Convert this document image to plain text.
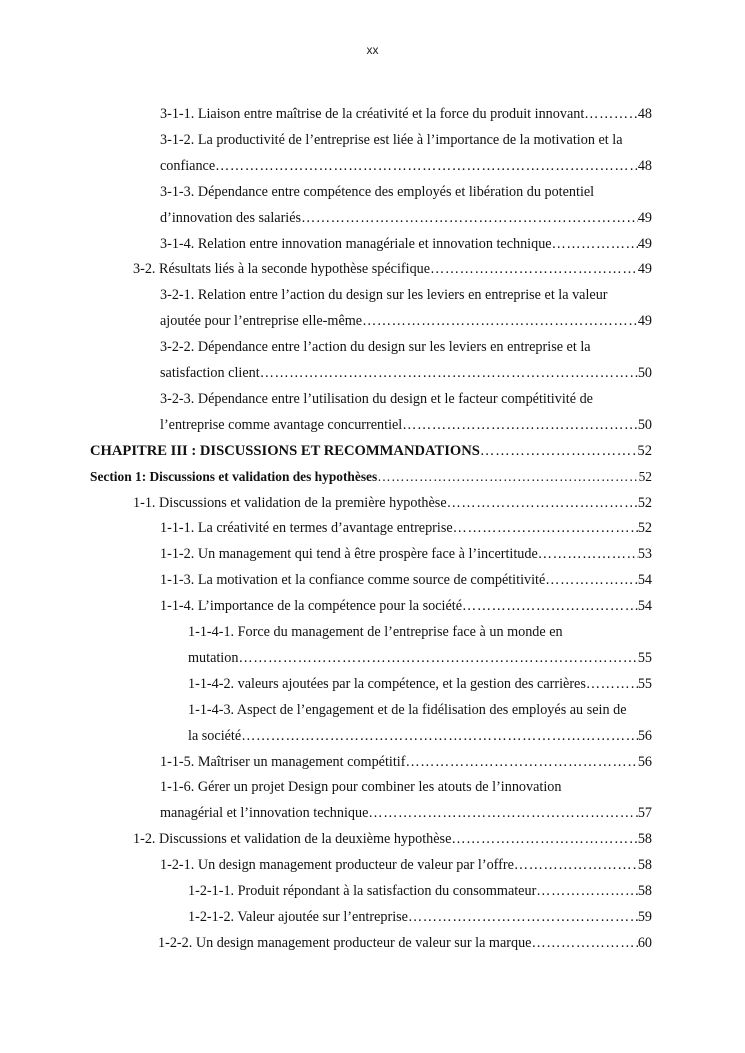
xx
3-1-1. Liaison entre maîtrise de la créativité et la force du produit innovant ……………………………………………………………………………………………………………………………………………………………………………………	48
3-1-2. La productivité de l’entreprise est liée à l’importance de la motivation et la
confiance ……………………………………………………………………………………………………………………………………………………………………………………	48
3-1-3. Dépendance entre compétence des employés et libération du potentiel
d’innovation des salariés ……………………………………………………………………………………………………………………………………………………………………………………	49
3-1-4. Relation entre innovation managériale et innovation technique ……………………………………………………………………………………………………………………………………………………………………………………	49
3-2. Résultats liés à la seconde hypothèse spécifique ……………………………………………………………………………………………………………………………………………………………………………………	49
3-2-1. Relation entre l’action du design sur les leviers en entreprise et la valeur
ajoutée pour l’entreprise elle-même ……………………………………………………………………………………………………………………………………………………………………………………	49
3-2-2. Dépendance entre l’action du design sur les leviers en entreprise et la
satisfaction client ……………………………………………………………………………………………………………………………………………………………………………………	50
3-2-3. Dépendance entre l’utilisation du design et le facteur compétitivité de
l’entreprise comme avantage concurrentiel ……………………………………………………………………………………………………………………………………………………………………………………	50
CHAPITRE III : DISCUSSIONS ET RECOMMANDATIONS ……………………………………………………………………………………………………………………………………………………………………………………	52
Section 1: Discussions et validation des hypothèses ……………………………………………………………………………………………………………………………………………………………………………………	52
1-1. Discussions et validation de la première hypothèse ……………………………………………………………………………………………………………………………………………………………………………………	52
1-1-1. La créativité en termes d’avantage entreprise ……………………………………………………………………………………………………………………………………………………………………………………	52
1-1-2. Un management qui tend à être prospère face à l’incertitude ……………………………………………………………………………………………………………………………………………………………………………………	53
1-1-3. La motivation et la confiance comme source de compétitivité ……………………………………………………………………………………………………………………………………………………………………………………	54
1-1-4. L’importance de la compétence pour la société ……………………………………………………………………………………………………………………………………………………………………………………	54
1-1-4-1. Force du management de l’entreprise face à un monde en
mutation ……………………………………………………………………………………………………………………………………………………………………………………	55
1-1-4-2. valeurs ajoutées par la compétence, et la gestion des carrières ……………………………………………………………………………………………………………………………………………………………………………………	55
1-1-4-3. Aspect de l’engagement et de la fidélisation des employés au sein de
la société ……………………………………………………………………………………………………………………………………………………………………………………	56
1-1-5. Maîtriser un management compétitif ……………………………………………………………………………………………………………………………………………………………………………………	56
1-1-6. Gérer un projet Design pour combiner les atouts de l’innovation
managérial et l’innovation technique ……………………………………………………………………………………………………………………………………………………………………………………	57
1-2. Discussions et validation de la deuxième hypothèse ……………………………………………………………………………………………………………………………………………………………………………………	58
1-2-1. Un design management producteur de valeur par l’offre ……………………………………………………………………………………………………………………………………………………………………………………	58
1-2-1-1. Produit répondant à la satisfaction du consommateur ……………………………………………………………………………………………………………………………………………………………………………………	58
1-2-1-2. Valeur ajoutée sur l’entreprise ……………………………………………………………………………………………………………………………………………………………………………………	59
1-2-2. Un design management producteur de valeur sur la marque ……………………………………………………………………………………………………………………………………………………………………………………	60
